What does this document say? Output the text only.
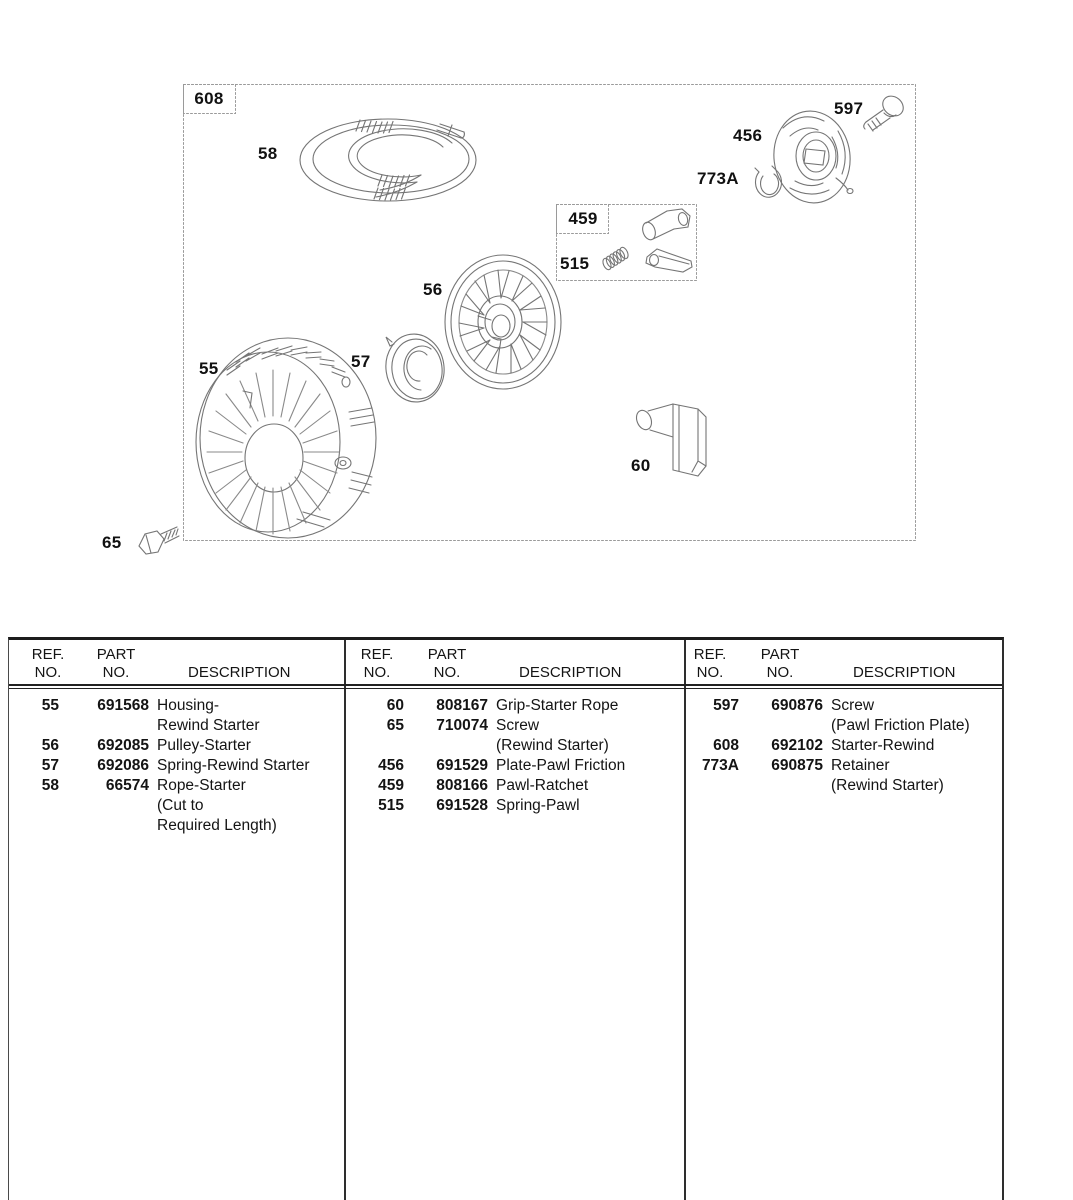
608
58
597
456
773A
459
515
56
57
55
60
65
REF.
NO.
PART
NO.	DESCRIPTION
REF.
NO.
PART
NO.	DESCRIPTION
REF.
NO.
PART
NO.	DESCRIPTION
55	691568 Housing-
Rewind Starter
56	692085 Pulley-Starter
57	692086 Spring-Rewind Starter
58	66574 Rope-Starter
(Cut to
Required Length)
60	808167 Grip-Starter Rope
65	710074 Screw
(Rewind Starter)
456	691529 Plate-Pawl Friction
459	808166 Pawl-Ratchet
515	691528 Spring-Pawl
597	690876 Screw
(Pawl Friction Plate)
608	692102 Starter-Rewind
773A	690875 Retainer
(Rewind Starter)
